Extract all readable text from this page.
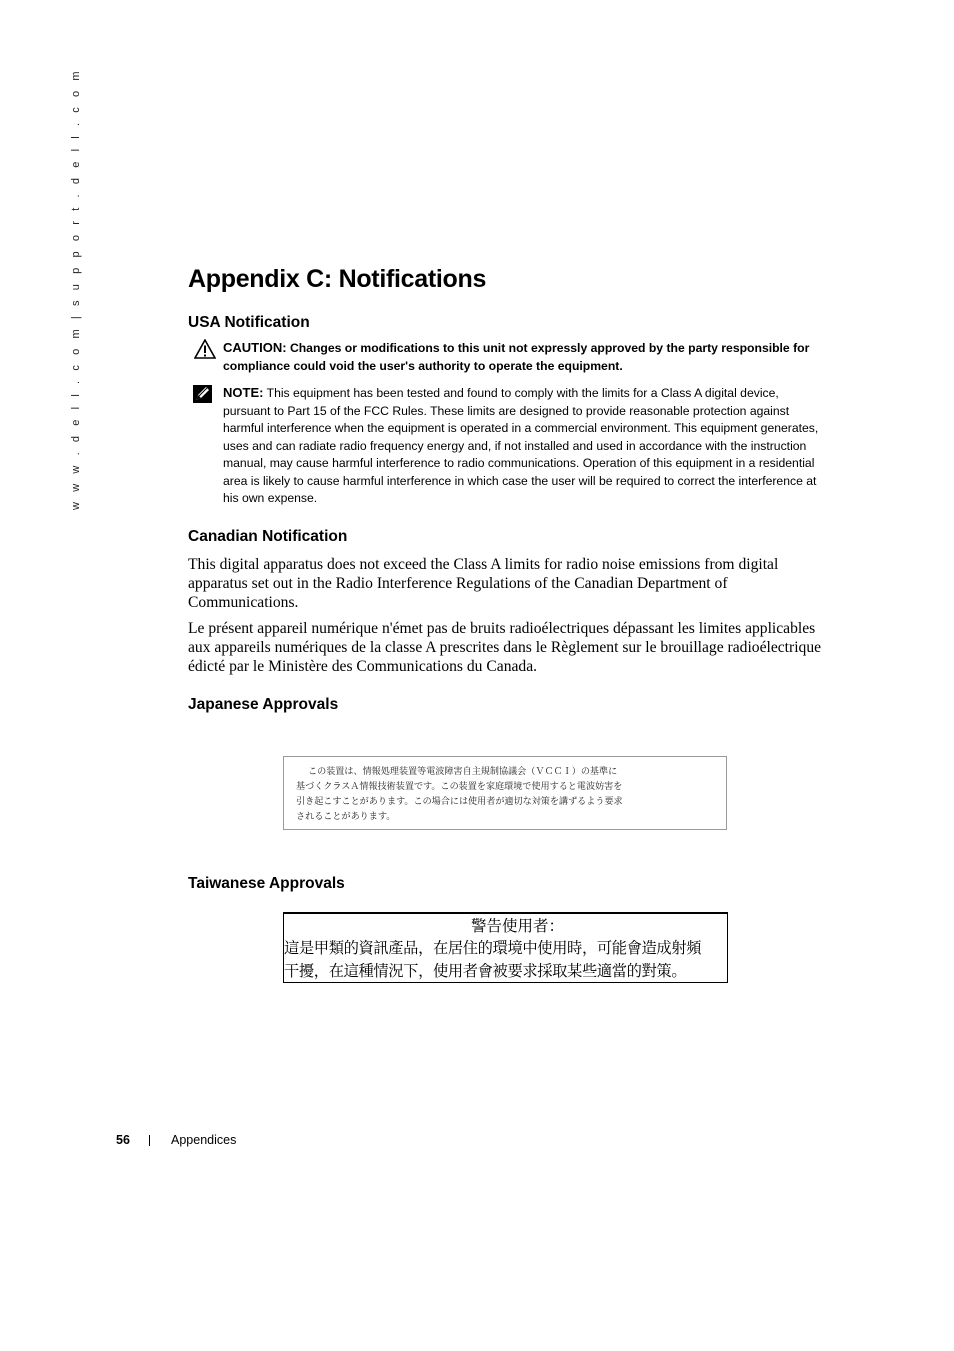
w w w . d e l l . c o m | s u p p o r t . d e l l . c o m	Appendix C: Notifications
USA Notification
CAUTION: Changes or modifications to this unit not expressly approved by the party responsible for compliance could void the user's authority to operate the equipment.
NOTE: This equipment has been tested and found to comply with the limits for a Class A digital device, pursuant to Part 15 of the FCC Rules. These limits are designed to provide reasonable protection against harmful interference when the equipment is operated in a commercial environment. This equipment generates, uses and can radiate radio frequency energy and, if not installed and used in accordance with the instruction manual, may cause harmful interference to radio communications. Operation of this equipment in a residential area is likely to cause harmful interference in which case the user will be required to correct the interference at his own expense.
Canadian Notification

This digital apparatus does not exceed the Class A limits for radio noise emissions from digital apparatus set out in the Radio Interference Regulations of the Canadian Department of Communications.

Le présent appareil numérique n'émet pas de bruits radioélectriques dépassant les limites applicables aux appareils numériques de la classe A prescrites dans le Règlement sur le brouillage radioélectrique édicté par le Ministère des Communications du Canada.

Japanese Approvals
この装置は、情報処理装置等電波障害自主規制協議会（ＶＣＣＩ）の基準に
基づくクラスＡ情報技術装置です。この装置を家庭環境で使用すると電波妨害を
引き起こすことがあります。この場合には使用者が適切な対策を講ずるよう要求
されることがあります。
Taiwanese Approvals
警告使用者：
這是甲類的資訊產品，在居住的環境中使用時，可能會造成射頻
干擾，在這種情況下，使用者會被要求採取某些適當的對策。
56	Appendices
